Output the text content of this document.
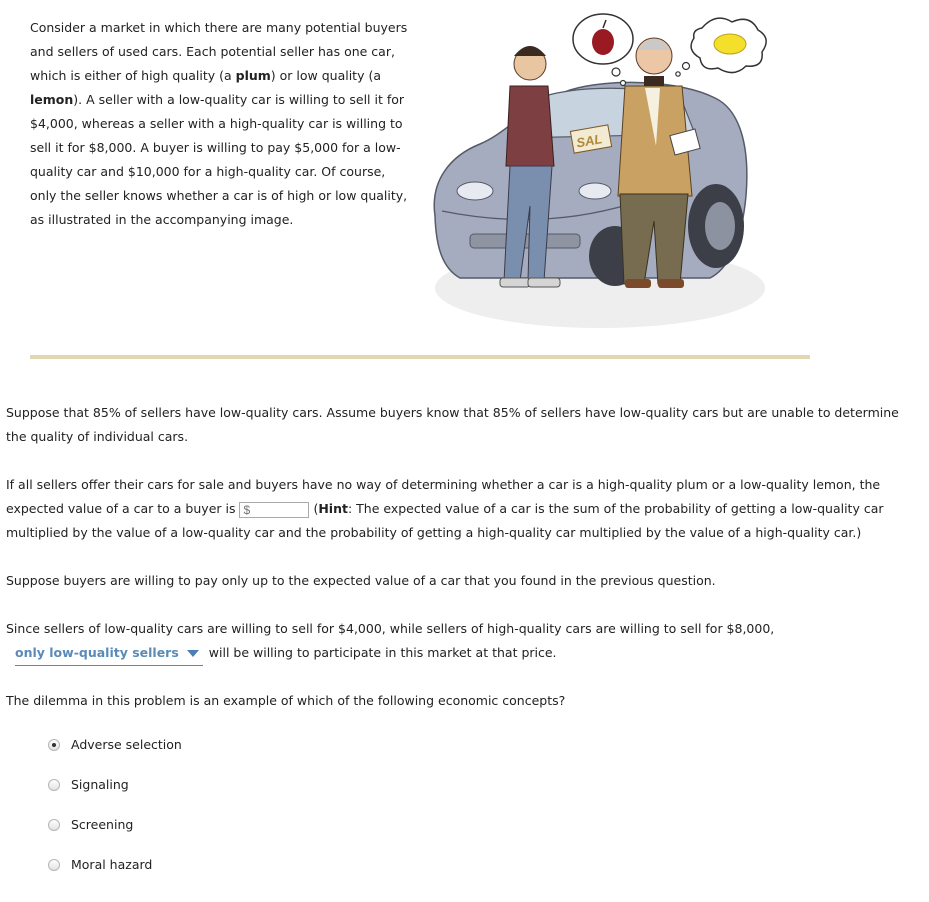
Consider a market in which there are many potential buyers and sellers of used cars. Each potential seller has one car, which is either of high quality (a plum) or low quality (a lemon). A seller with a low-quality car is willing to sell it for $4,000, whereas a seller with a high-quality car is willing to sell it for $8,000. A buyer is willing to pay $5,000 for a low-quality car and $10,000 for a high-quality car. Of course, only the seller knows whether a car is of high or low quality, as illustrated in the accompanying image.
SAL
Suppose that 85% of sellers have low-quality cars. Assume buyers know that 85% of sellers have low-quality cars but are unable to determine the quality of individual cars.
If all sellers offer their cars for sale and buyers have no way of determining whether a car is a high-quality plum or a low-quality lemon, the expected value of a car to a buyer is $	(Hint: The expected value of a car is the sum of the probability of getting a low-quality car multiplied by the value of a low-quality car and the probability of getting a high-quality car multiplied by the value of a high-quality car.)
Suppose buyers are willing to pay only up to the expected value of a car that you found in the previous question.
Since sellers of low-quality cars are willing to sell for $4,000, while sellers of high-quality cars are willing to sell for $8,000,
only low-quality sellers will be willing to participate in this market at that price.
The dilemma in this problem is an example of which of the following economic concepts?
Adverse selection
Signaling
Screening
Moral hazard
